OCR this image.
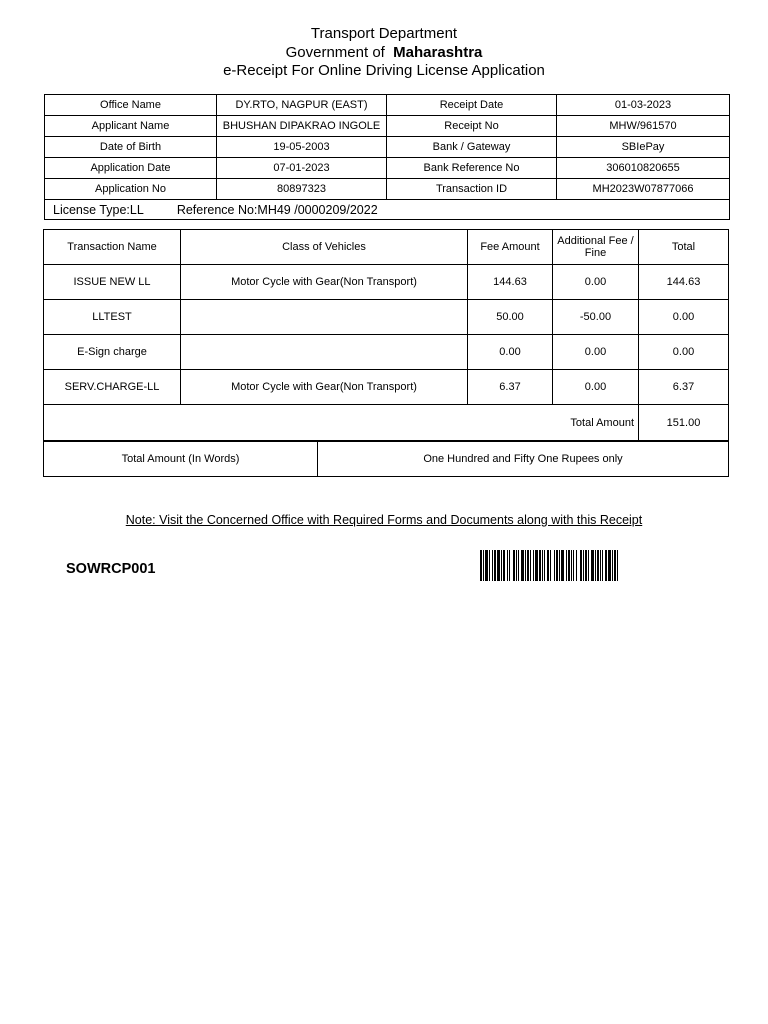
Transport Department
Government of Maharashtra
e-Receipt For Online Driving License Application
Office Name	DY.RTO, NAGPUR (EAST)	Receipt Date	01-03-2023
Applicant Name	BHUSHAN DIPAKRAO INGOLE	Receipt No	MHW/961570
Date of Birth	19-05-2003	Bank / Gateway	SBIePay
Application Date	07-01-2023	Bank Reference No	306010820655
Application No	80897323	Transaction ID	MH2023W07877066
License Type:LL Reference No:MH49 /0000209/2022			
Transaction Name	Class of Vehicles	Fee Amount	Additional Fee / Fine	Total
ISSUE NEW LL	Motor Cycle with Gear(Non Transport)	144.63	0.00	144.63
LLTEST		50.00	-50.00	0.00
E-Sign charge		0.00	0.00	0.00
SERV.CHARGE-LL	Motor Cycle with Gear(Non Transport)	6.37	0.00	6.37
Total Amount				151.00
Total Amount (In Words)	One Hundred and Fifty One Rupees only
Note: Visit the Concerned Office with Required Forms and Documents along with this Receipt
SOWRCP001
